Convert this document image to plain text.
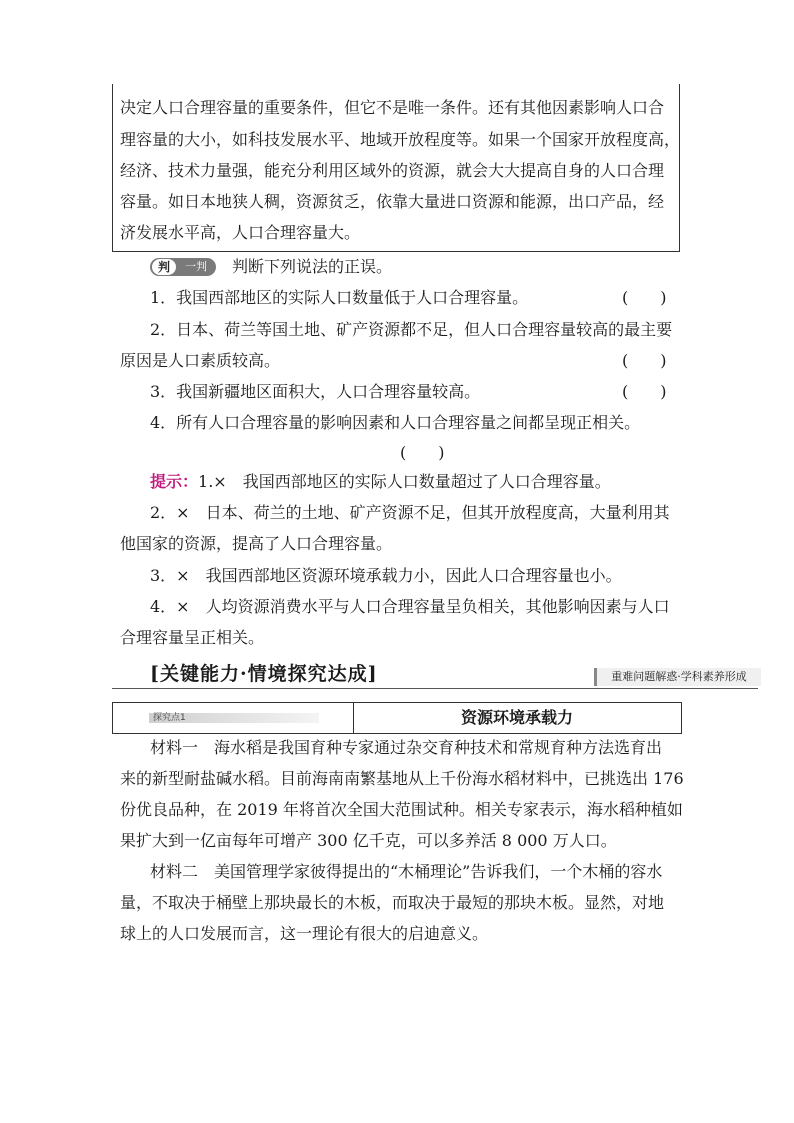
决定人口合理容量的重要条件，但它不是唯一条件。还有其他因素影响人口合
理容量的大小，如科技发展水平、地域开放程度等。如果一个国家开放程度高，
经济、技术力量强，能充分利用区域外的资源，就会大大提高自身的人口合理
容量。如日本地狭人稠，资源贫乏，依靠大量进口资源和能源，出口产品，经
济发展水平高，人口合理容量大。
判	一判	判断下列说法的正误。
1．我国西部地区的实际人口数量低于人口合理容量。	(　　)
2．日本、荷兰等国土地、矿产资源都不足，但人口合理容量较高的最主要
原因是人口素质较高。	(　　)
3．我国新疆地区面积大，人口合理容量较高。	(　　)
4．所有人口合理容量的影响因素和人口合理容量之间都呈现正相关。
(　　)
提示：1.×　我国西部地区的实际人口数量超过了人口合理容量。
2．×　日本、荷兰的土地、矿产资源不足，但其开放程度高，大量利用其
他国家的资源，提高了人口合理容量。
3．×　我国西部地区资源环境承载力小，因此人口合理容量也小。
4．×　人均资源消费水平与人口合理容量呈负相关，其他影响因素与人口
合理容量呈正相关。
[关键能力·情境探究达成]	重难问题解惑·学科素养形成
探究点1	资源环境承载力
材料一　海水稻是我国育种专家通过杂交育种技术和常规育种方法选育出
来的新型耐盐碱水稻。目前海南南繁基地从上千份海水稻材料中，已挑选出 176
份优良品种，在 2019 年将首次全国大范围试种。相关专家表示，海水稻种植如
果扩大到一亿亩每年可增产 300 亿千克，可以多养活 8 000 万人口。
材料二　美国管理学家彼得提出的“木桶理论”告诉我们，一个木桶的容水
量，不取决于桶壁上那块最长的木板，而取决于最短的那块木板。显然，对地
球上的人口发展而言，这一理论有很大的启迪意义。
